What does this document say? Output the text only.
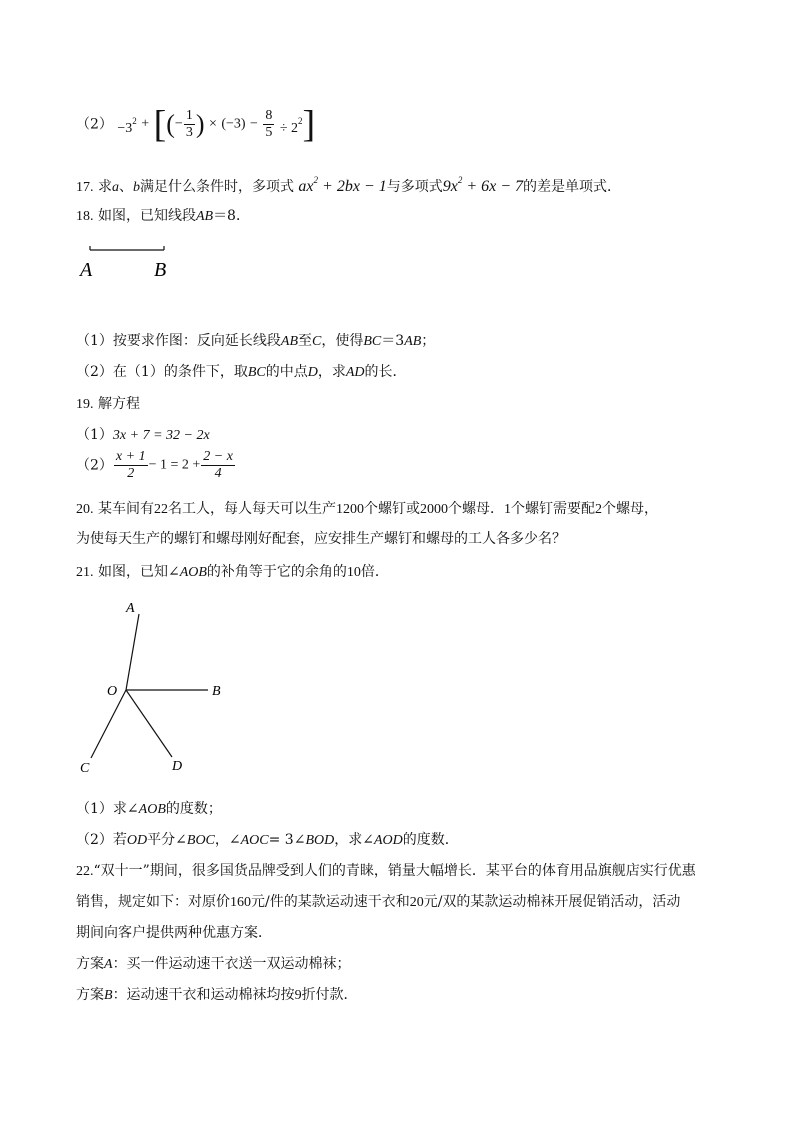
$(2) -3^2$ + [(− $\frac{1}{3}$ ) × $(-3) - \frac{8}{5} \div 2^2$]
17. 求a、b满足什么条件时，多项式 $ax^2 + 2bx - 1$与多项式$9x^2 + 6x - 7$的差是单项式．
18. 如图，已知线段AB＝8．
A	B
（1）按要求作图：反向延长线段AB至C，使得BC＝3AB；
（2）在（1）的条件下，取BC的中点D，求AD的长．
19. 解方程
（1）3x + 7 = 32 − 2x
$(2) \frac{x + 1}{2} - 1 = 2 + \frac{2 - x}{4}$
20. 某车间有22名工人，每人每天可以生产1200个螺钉或2000个螺母．1个螺钉需要配2个螺母，
为使每天生产的螺钉和螺母刚好配套，应安排生产螺钉和螺母的工人各多少名？
21. 如图，已知∠AOB的补角等于它的余角的10倍．
A
B
O
C	D
（1）求∠AOB的度数；
（2）若OD平分∠BOC，∠AOC= 3∠BOD，求∠AOD的度数．
22.“双十一”期间，很多国货品牌受到人们的青睐，销量大幅增长．某平台的体育用品旗舰店实行优惠
销售，规定如下：对原价160元/件的某款运动速干衣和20元/双的某款运动棉袜开展促销活动，活动
期间向客户提供两种优惠方案．
方案A：买一件运动速干衣送一双运动棉袜；
方案B：运动速干衣和运动棉袜均按9折付款．
